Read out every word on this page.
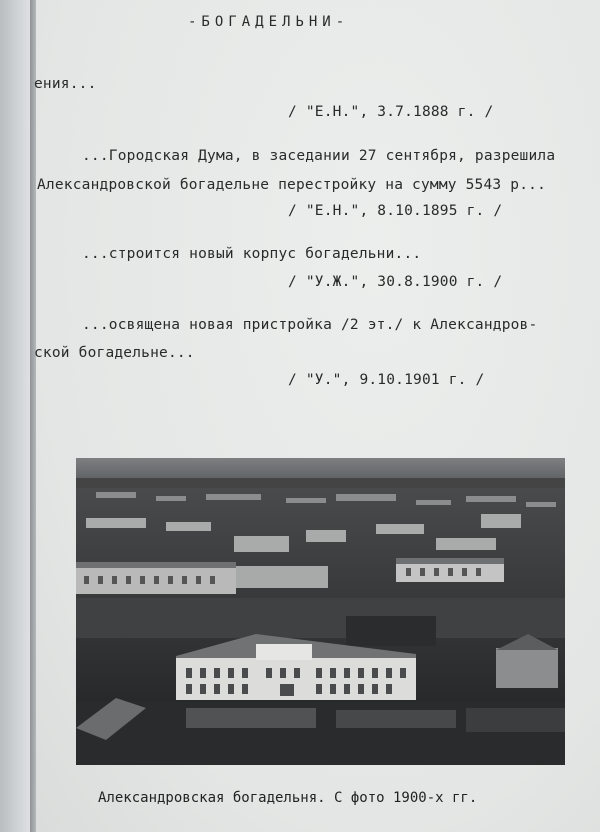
-БОГАДЕЛЬНИ-
ения...
/ "Е.Н.", 3.7.1888 г. /
...Городская Дума, в заседании 27 сентября, разрешила
Александровской богадельне перестройку на сумму 5543 р...
/ "Е.Н.", 8.10.1895 г. /
...строится новый корпус богадельни...
/ "У.Ж.", 30.8.1900 г. /
...освящена новая пристройка /2 эт./ к Александров-
ской богадельне...
/ "У.", 9.10.1901 г. /
Александровская богадельня. С фото 1900-х гг.
